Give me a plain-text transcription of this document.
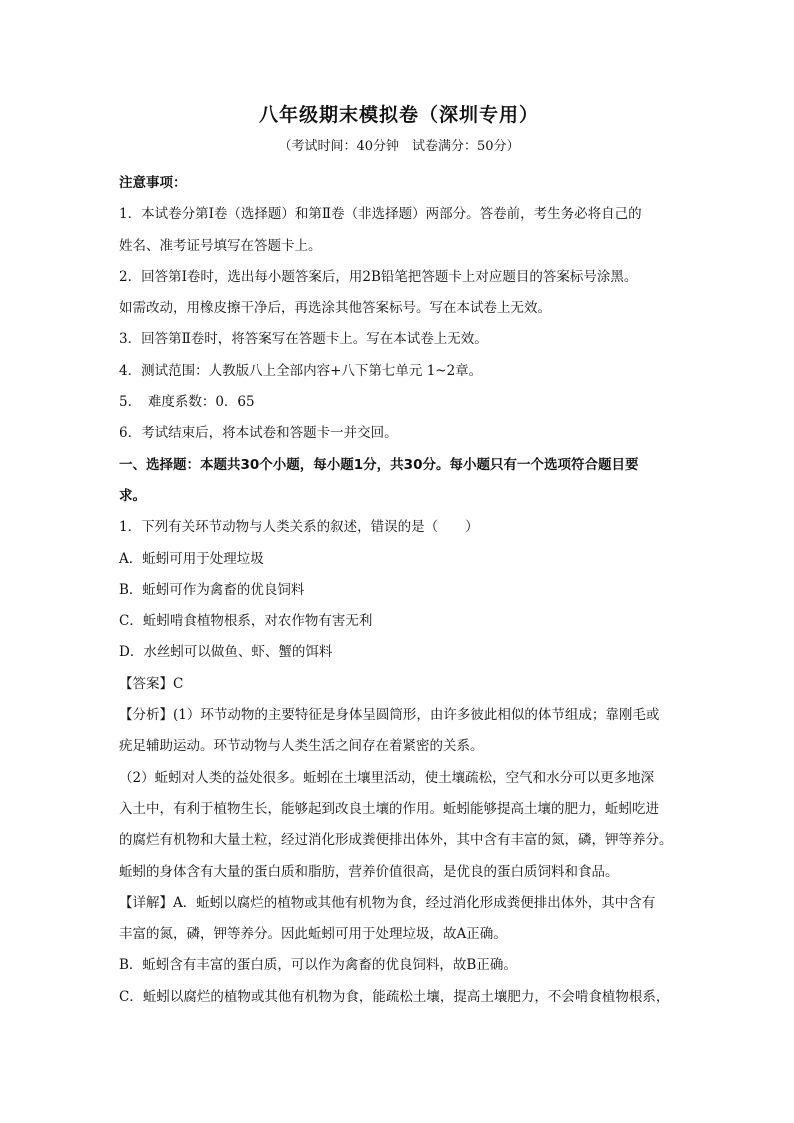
八年级期末模拟卷（深圳专用）
（考试时间：40分钟　试卷满分：50分）
注意事项：
1．本试卷分第Ⅰ卷（选择题）和第Ⅱ卷（非选择题）两部分。答卷前，考生务必将自己的
姓名、准考证号填写在答题卡上。
2．回答第Ⅰ卷时，选出每小题答案后，用2B铅笔把答题卡上对应题目的答案标号涂黑。
如需改动，用橡皮擦干净后，再选涂其他答案标号。写在本试卷上无效。
3．回答第Ⅱ卷时，将答案写在答题卡上。写在本试卷上无效。
4．测试范围：人教版八上全部内容+八下第七单元 1~2章。
5．　难度系数：0．65
6．考试结束后，将本试卷和答题卡一并交回。
一、选择题：本题共30个小题，每小题1分，共30分。每小题只有一个选项符合题目要
求。
1．下列有关环节动物与人类关系的叙述，错误的是（　　）
A．蚯蚓可用于处理垃圾
B．蚯蚓可作为禽畜的优良饲料
C．蚯蚓啃食植物根系，对农作物有害无利
D．水丝蚓可以做鱼、虾、蟹的饵料
【答案】C
【分析】(1）环节动物的主要特征是身体呈圆筒形，由许多彼此相似的体节组成；靠刚毛或
疣足辅助运动。环节动物与人类生活之间存在着紧密的关系。
（2）蚯蚓对人类的益处很多。蚯蚓在土壤里活动，使土壤疏松，空气和水分可以更多地深
入土中，有利于植物生长，能够起到改良土壤的作用。蚯蚓能够提高土壤的肥力，蚯蚓吃进
的腐烂有机物和大量土粒，经过消化形成粪便排出体外，其中含有丰富的氮，磷，钾等养分。
蚯蚓的身体含有大量的蛋白质和脂肪，营养价值很高，是优良的蛋白质饲料和食品。
【详解】A．蚯蚓以腐烂的植物或其他有机物为食，经过消化形成粪便排出体外，其中含有
丰富的氮，磷，钾等养分。因此蚯蚓可用于处理垃圾，故A正确。
B．蚯蚓含有丰富的蛋白质，可以作为禽畜的优良饲料，故B正确。
C．蚯蚓以腐烂的植物或其他有机物为食，能疏松土壤，提高土壤肥力，不会啃食植物根系，
